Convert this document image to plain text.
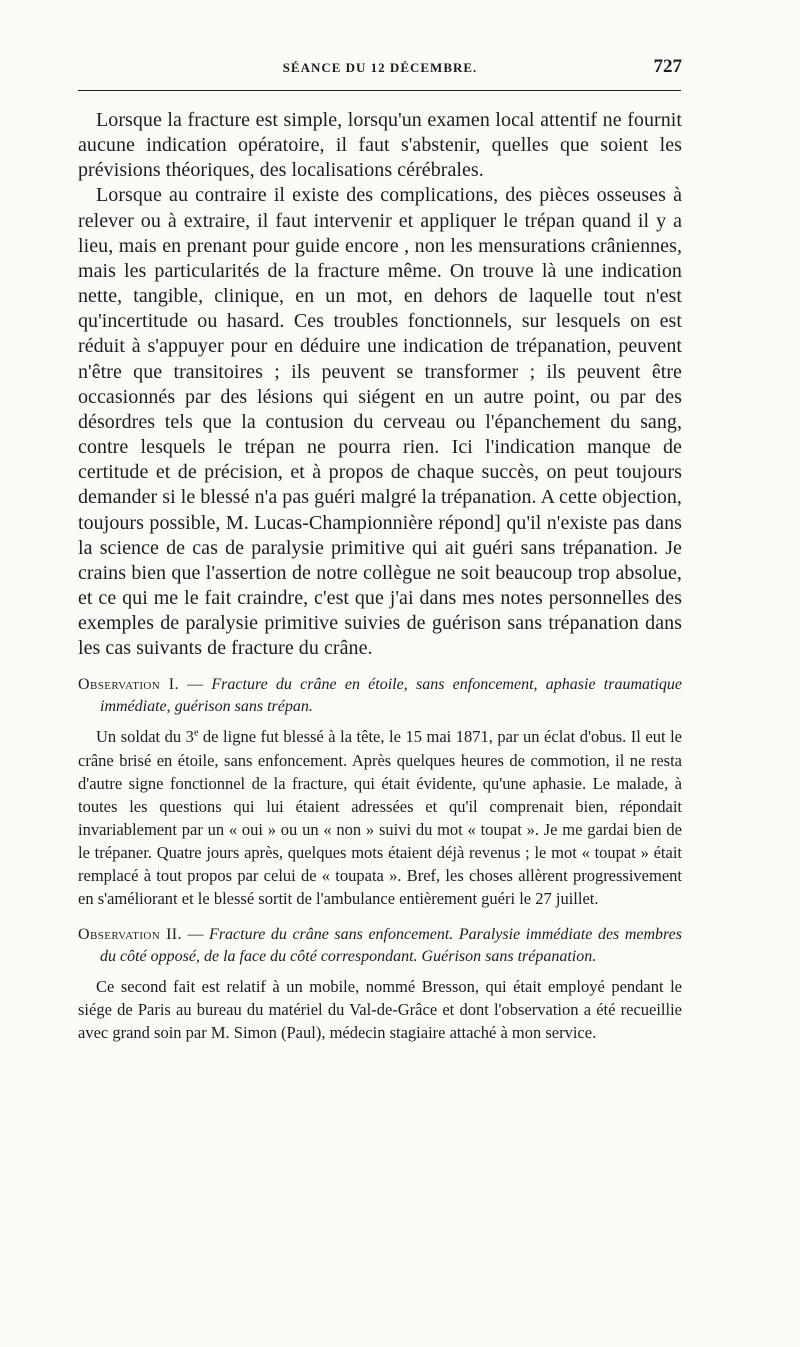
SÉANCE DU 12 DÉCEMBRE.	727

Lorsque la fracture est simple, lorsqu'un examen local attentif ne fournit aucune indication opératoire, il faut s'abstenir, quelles que soient les prévisions théoriques, des localisations cérébrales.

Lorsque au contraire il existe des complications, des pièces osseuses à relever ou à extraire, il faut intervenir et appliquer le trépan quand il y a lieu, mais en prenant pour guide encore , non les mensurations crâniennes, mais les particularités de la fracture même. On trouve là une indication nette, tangible, clinique, en un mot, en dehors de laquelle tout n'est qu'incertitude ou hasard. Ces troubles fonctionnels, sur lesquels on est réduit à s'appuyer pour en déduire une indication de trépanation, peuvent n'être que transitoires ; ils peuvent se transformer ; ils peuvent être occasionnés par des lésions qui siégent en un autre point, ou par des désordres tels que la contusion du cerveau ou l'épanchement du sang, contre lesquels le trépan ne pourra rien. Ici l'indication manque de certitude et de précision, et à propos de chaque succès, on peut toujours demander si le blessé n'a pas guéri malgré la trépanation. A cette objection, toujours possible, M. Lucas-Championnière répond] qu'il n'existe pas dans la science de cas de paralysie primitive qui ait guéri sans trépanation. Je crains bien que l'assertion de notre collègue ne soit beaucoup trop absolue, et ce qui me le fait craindre, c'est que j'ai dans mes notes personnelles des exemples de paralysie primitive suivies de guérison sans trépanation dans les cas suivants de fracture du crâne.

Observation I. — Fracture du crâne en étoile, sans enfoncement, aphasie traumatique immédiate, guérison sans trépan.

Un soldat du 3e de ligne fut blessé à la tête, le 15 mai 1871, par un éclat d'obus. Il eut le crâne brisé en étoile, sans enfoncement. Après quelques heures de commotion, il ne resta d'autre signe fonctionnel de la fracture, qui était évidente, qu'une aphasie. Le malade, à toutes les questions qui lui étaient adressées et qu'il comprenait bien, répondait invariablement par un « oui » ou un « non » suivi du mot « toupat ». Je me gardai bien de le trépaner. Quatre jours après, quelques mots étaient déjà revenus ; le mot « toupat » était remplacé à tout propos par celui de « toupata ». Bref, les choses allèrent progressivement en s'améliorant et le blessé sortit de l'ambulance entièrement guéri le 27 juillet.

Observation II. — Fracture du crâne sans enfoncement. Paralysie immédiate des membres du côté opposé, de la face du côté correspondant. Guérison sans trépanation.

Ce second fait est relatif à un mobile, nommé Bresson, qui était employé pendant le siége de Paris au bureau du matériel du Val-de-Grâce et dont l'observation a été recueillie avec grand soin par M. Simon (Paul), médecin stagiaire attaché à mon service.
